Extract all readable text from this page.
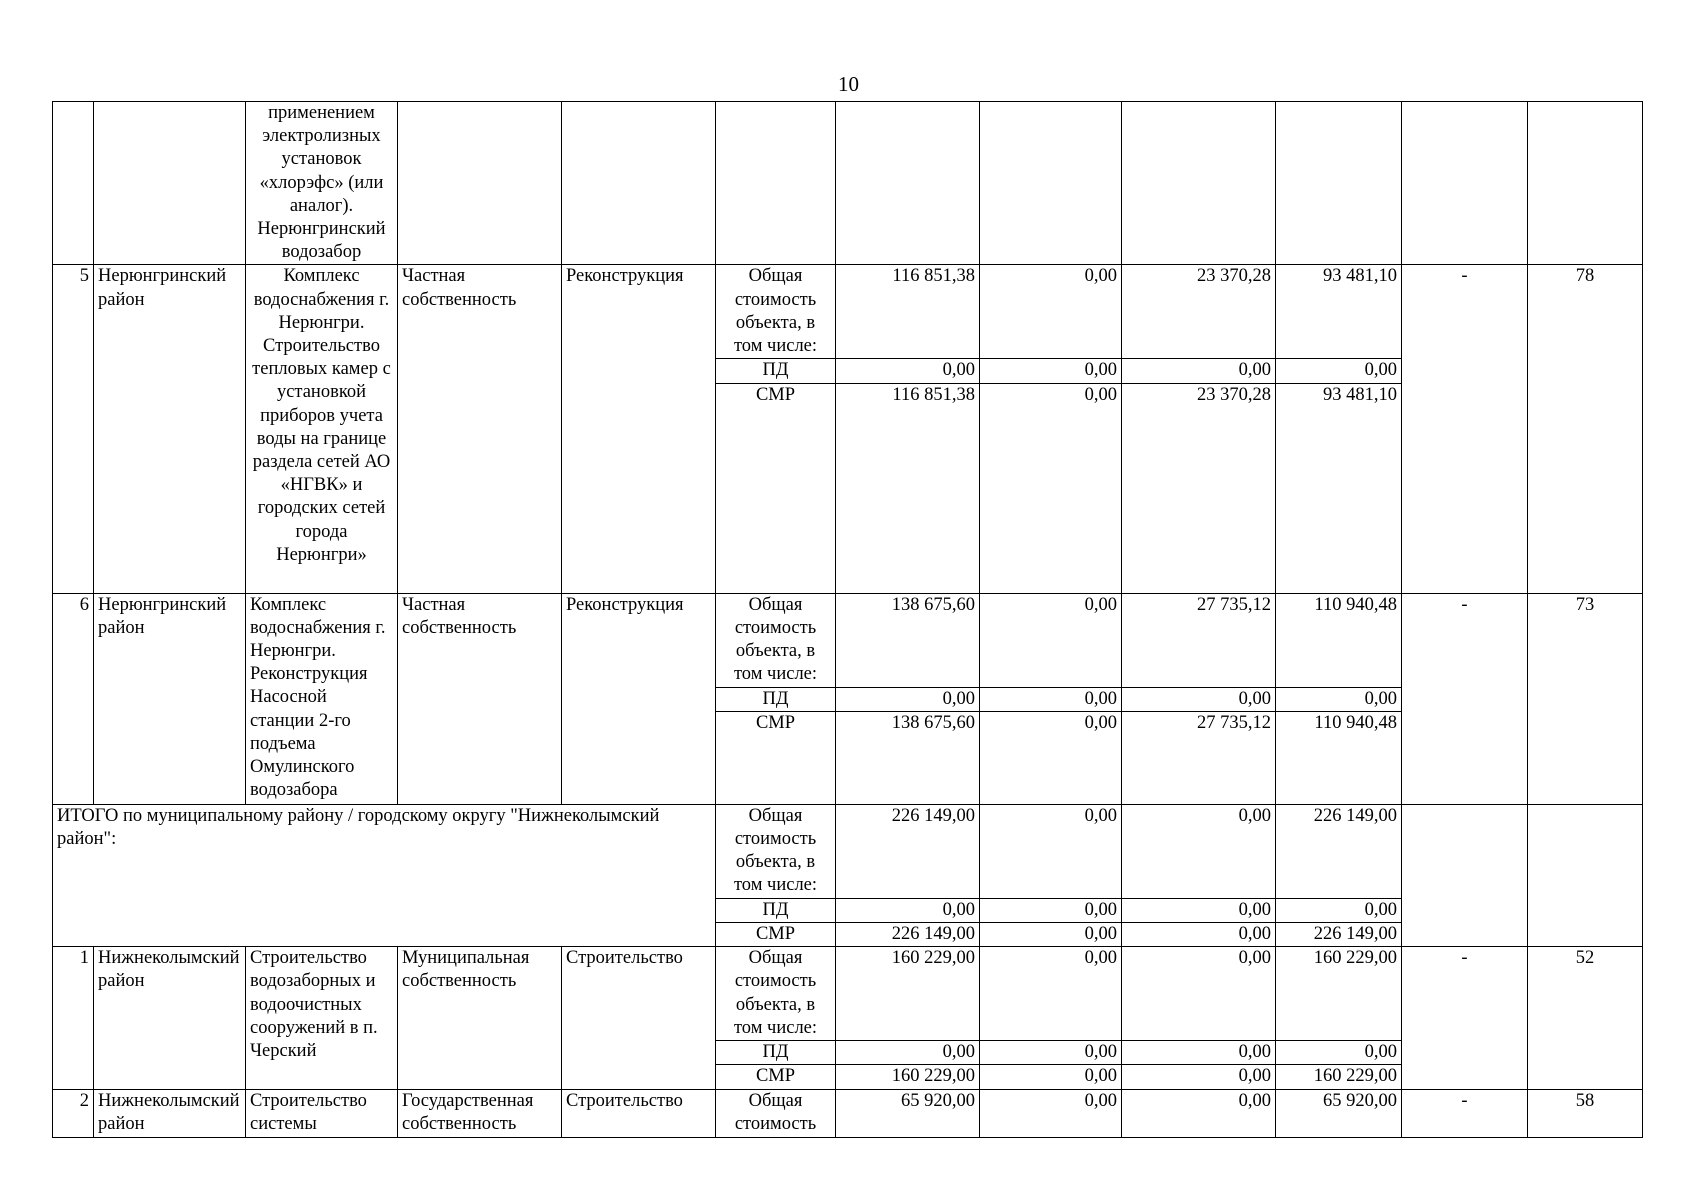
10
		применением электролизных установок «хлорэфс» (или аналог). Нерюнгринский водозабор									
5	Нерюнгринский район	Комплекс водоснабжения г. Нерюнгри. Строительство тепловых камер с установкой приборов учета воды на границе раздела сетей АО «НГВК» и городских сетей города Нерюнгри»	Частная собственность	Реконструкция	Общая стоимость объекта, в том числе:	116 851,38	0,00	23 370,28	93 481,10	-	78
					ПД	0,00	0,00	0,00	0,00		
					СМР	116 851,38	0,00	23 370,28	93 481,10		
6	Нерюнгринский район	Комплекс водоснабжения г. Нерюнгри. Реконструкция Насосной станции 2-го подъема Омулинского водозабора	Частная собственность	Реконструкция	Общая стоимость объекта, в том числе:	138 675,60	0,00	27 735,12	110 940,48	-	73
					ПД	0,00	0,00	0,00	0,00		
					СМР	138 675,60	0,00	27 735,12	110 940,48		
ИТОГО по муниципальному району / городскому округу "Нижнеколымский район":					Общая стоимость объекта, в том числе:	226 149,00	0,00	0,00	226 149,00		
					ПД	0,00	0,00	0,00	0,00		
					СМР	226 149,00	0,00	0,00	226 149,00		
1	Нижнеколымский район	Строительство водозаборных и водоочистных сооружений в п. Черский	Муниципальная собственность	Строительство	Общая стоимость объекта, в том числе:	160 229,00	0,00	0,00	160 229,00	-	52
					ПД	0,00	0,00	0,00	0,00		
					СМР	160 229,00	0,00	0,00	160 229,00		
2	Нижнеколымский район	Строительство системы	Государственная собственность	Строительство	Общая стоимость	65 920,00	0,00	0,00	65 920,00	-	58
